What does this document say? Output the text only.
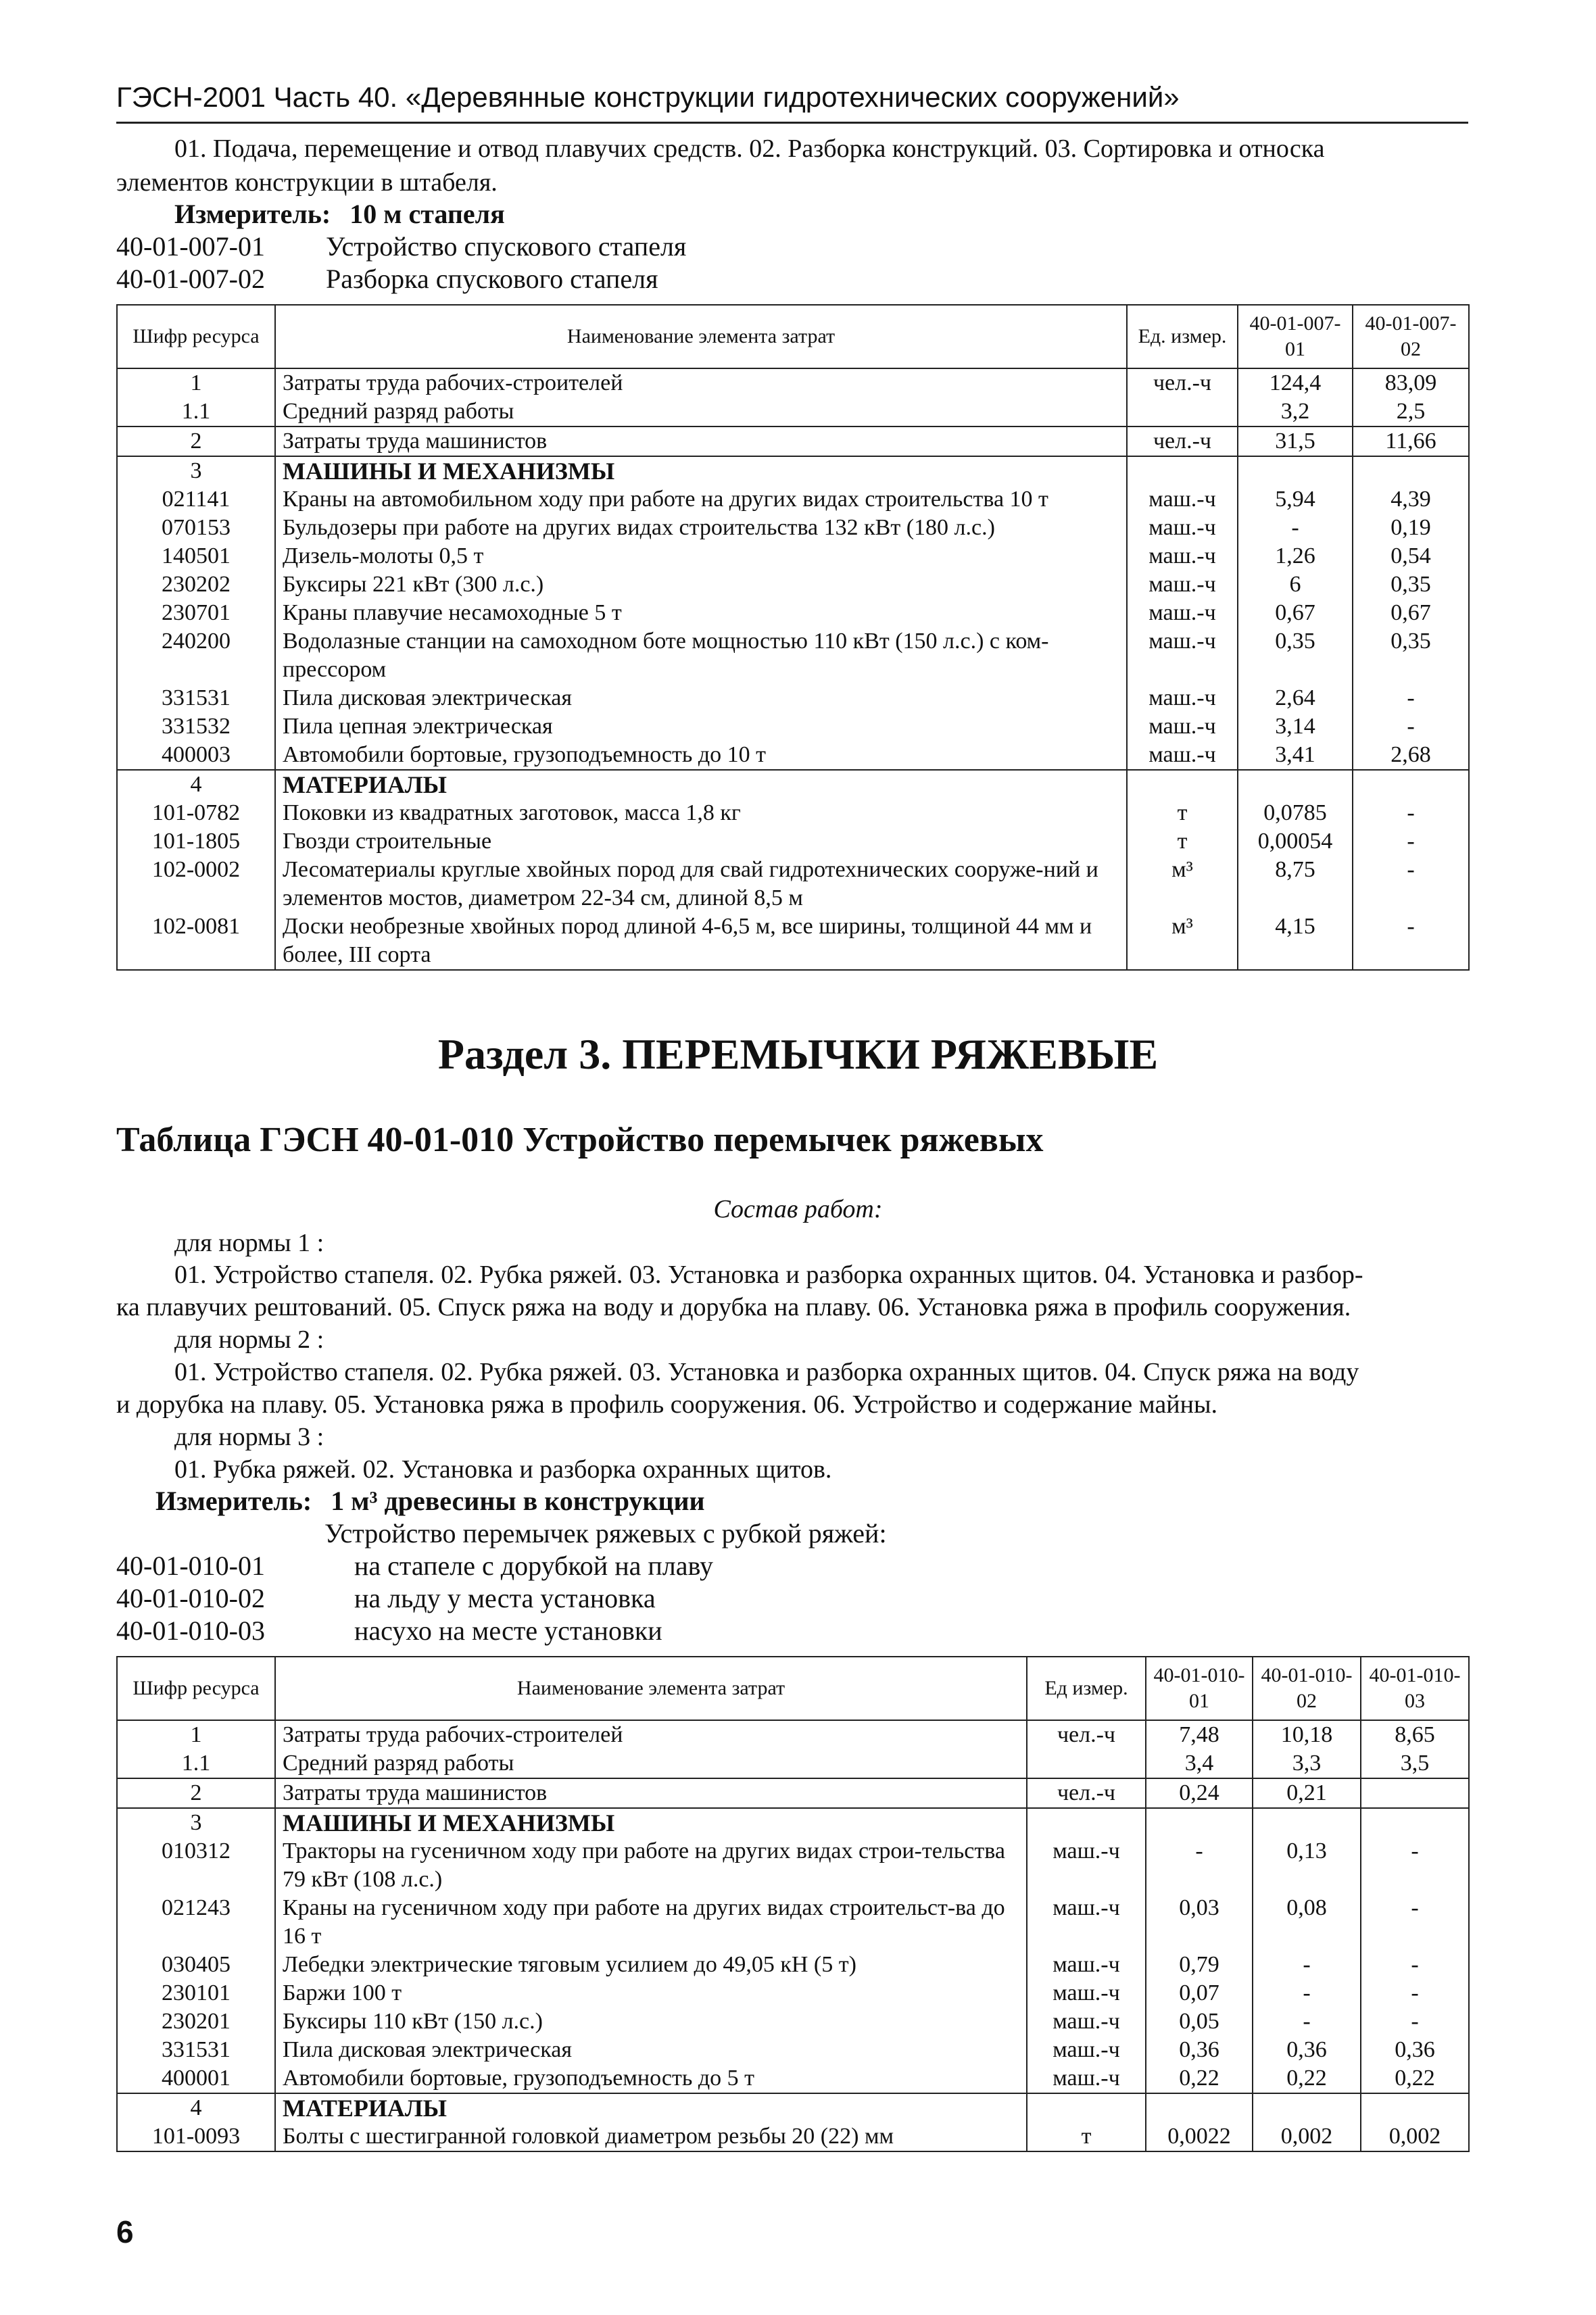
ГЭСН-2001 Часть 40. «Деревянные конструкции гидротехнических сооружений»

01. Подача, перемещение и отвод плавучих средств. 02. Разборка конструкций. 03. Сортировка и относка

элементов конструкции в штабеля.

Измеритель: 10 м стапеля
40-01-007-01 Устройство спускового стапеля
40-01-007-02 Разборка спускового стапеля
Шифр ресурса	Наименование элемента затрат	Ед. измер.	40-01-007-01	40-01-007-02
1	Затраты труда рабочих-строителей	чел.-ч	124,4	83,09
1.1	Средний разряд работы		3,2	2,5
2	Затраты труда машинистов	чел.-ч	31,5	11,66
3	МАШИНЫ И МЕХАНИЗМЫ			
021141	Краны на автомобильном ходу при работе на других видах строительства 10 т	маш.-ч	5,94	4,39
070153	Бульдозеры при работе на других видах строительства 132 кВт (180 л.с.)	маш.-ч	-	0,19
140501	Дизель-молоты 0,5 т	маш.-ч	1,26	0,54
230202	Буксиры 221 кВт (300 л.с.)	маш.-ч	6	0,35
230701	Краны плавучие несамоходные 5 т	маш.-ч	0,67	0,67
240200	Водолазные станции на самоходном боте мощностью 110 кВт (150 л.с.) с ком-прессором	маш.-ч	0,35	0,35
331531	Пила дисковая электрическая	маш.-ч	2,64	-
331532	Пила цепная электрическая	маш.-ч	3,14	-
400003	Автомобили бортовые, грузоподъемность до 10 т	маш.-ч	3,41	2,68
4	МАТЕРИАЛЫ			
101-0782	Поковки из квадратных заготовок, масса 1,8 кг	т	0,0785	-
101-1805	Гвозди строительные	т	0,00054	-
102-0002	Лесоматериалы круглые хвойных пород для свай гидротехнических сооруже-ний и элементов мостов, диаметром 22-34 см, длиной 8,5 м	м³	8,75	-
102-0081	Доски необрезные хвойных пород длиной 4-6,5 м, все ширины, толщиной 44 мм и более, III сорта	м³	4,15	-
Раздел 3. ПЕРЕМЫЧКИ РЯЖЕВЫЕ
Таблица ГЭСН 40-01-010 Устройство перемычек ряжевых
Состав работ:
для нормы 1 :
01. Устройство стапеля. 02. Рубка ряжей. 03. Установка и разборка охранных щитов. 04. Установка и разбор-
ка плавучих рештований. 05. Спуск ряжа на воду и дорубка на плаву. 06. Установка ряжа в профиль сооружения.
для нормы 2 :
01. Устройство стапеля. 02. Рубка ряжей. 03. Установка и разборка охранных щитов. 04. Спуск ряжа на воду
и дорубка на плаву. 05. Установка ряжа в профиль сооружения. 06. Устройство и содержание майны.
для нормы 3 :
01. Рубка ряжей. 02. Установка и разборка охранных щитов.
Измеритель: 1 м³ древесины в конструкции
Устройство перемычек ряжевых с рубкой ряжей:
40-01-010-01	на стапеле с дорубкой на плаву
40-01-010-02	на льду у места установка
40-01-010-03	насухо на месте установки
Шифр ресурса	Наименование элемента затрат	Ед измер.	40-01-010-01	40-01-010-02	40-01-010-03
1	Затраты труда рабочих-строителей	чел.-ч	7,48	10,18	8,65
1.1	Средний разряд работы		3,4	3,3	3,5
2	Затраты труда машинистов	чел.-ч	0,24	0,21	
3	МАШИНЫ И МЕХАНИЗМЫ				
010312	Тракторы на гусеничном ходу при работе на других видах строи-тельства 79 кВт (108 л.с.)	маш.-ч	-	0,13	-
021243	Краны на гусеничном ходу при работе на других видах строительст-ва до 16 т	маш.-ч	0,03	0,08	-
030405	Лебедки электрические тяговым усилием до 49,05 кН (5 т)	маш.-ч	0,79	-	-
230101	Баржи 100 т	маш.-ч	0,07	-	-
230201	Буксиры 110 кВт (150 л.с.)	маш.-ч	0,05	-	-
331531	Пила дисковая электрическая	маш.-ч	0,36	0,36	0,36
400001	Автомобили бортовые, грузоподъемность до 5 т	маш.-ч	0,22	0,22	0,22
4	МАТЕРИАЛЫ				
101-0093	Болты с шестигранной головкой диаметром резьбы 20 (22) мм	т	0,0022	0,002	0,002
6
